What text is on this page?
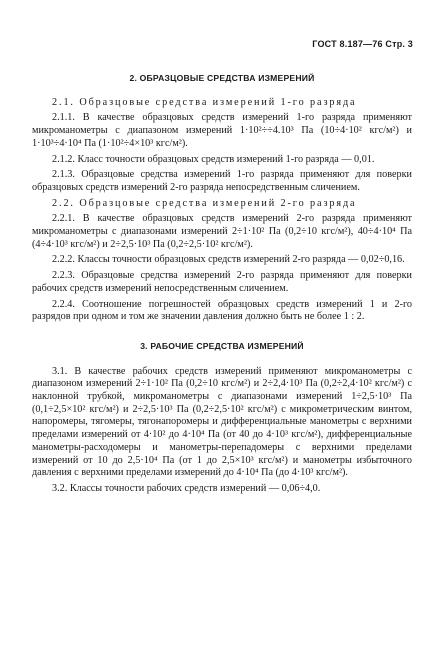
ГОСТ 8.187—76 Стр. 3
2. ОБРАЗЦОВЫЕ СРЕДСТВА ИЗМЕРЕНИЙ

2.1. Образцовые средства измерений 1-го разряда

2.1.1. В качестве образцовых средств измерений 1-го разряда применяют микроманометры с диапазоном измерений 1·10²÷÷4.10³ Па (10÷4·10² кгс/м²) и 1·10³÷4·10⁴ Па (1·10²÷4×10³ кгс/м²).

2.1.2. Класс точности образцовых средств измерений 1-го разряда — 0,01.

2.1.3. Образцовые средства измерений 1-го разряда применяют для поверки образцовых средств измерений 2-го разряда непосредственным сличением.

2.2. Образцовые средства измерений 2-го разряда

2.2.1. В качестве образцовых средств измерений 2-го разряда применяют микроманометры с диапазонами измерений 2÷1·10² Па (0,2÷10 кгс/м²), 40÷4·10⁴ Па (4÷4·10³ кгс/м²) и 2÷2,5·10³ Па (0,2÷2,5·10² кгс/м²).

2.2.2. Классы точности образцовых средств измерений 2-го разряда — 0,02÷0,16.

2.2.3. Образцовые средства измерений 2-го разряда применяют для поверки рабочих средств измерений непосредственным сличением.

2.2.4. Соотношение погрешностей образцовых средств измерений 1 и 2-го разрядов при одном и том же значении давления должно быть не более 1 : 2.

3. РАБОЧИЕ СРЕДСТВА ИЗМЕРЕНИЙ

3.1. В качестве рабочих средств измерений применяют микроманометры с диапазоном измерений 2÷1·10² Па (0,2÷10 кгс/м²) и 2÷2,4·10³ Па (0,2÷2,4·10² кгс/м²) с наклонной трубкой, микроманометры с диапазонами измерений 1÷2,5·10³ Па (0,1÷2,5×10² кгс/м²) и 2÷2,5·10³ Па (0,2÷2,5·10² кгс/м²) с микрометрическим винтом, напоромеры, тягомеры, тягонапоромеры и дифференциальные манометры с верхними пределами измерений от 4·10² до 4·10⁴ Па (от 40 до 4·10³ кгс/м²), дифференциальные манометры-расходомеры и манометры-перепадомеры с верхними пределами измерений от 10 до 2,5·10⁴ Па (от 1 до 2,5×10³ кгс/м²) и манометры избыточного давления с верхними пределами измерений до 4·10⁴ Па (до 4·10³ кгс/м²).

3.2. Классы точности рабочих средств измерений — 0,06÷4,0.
